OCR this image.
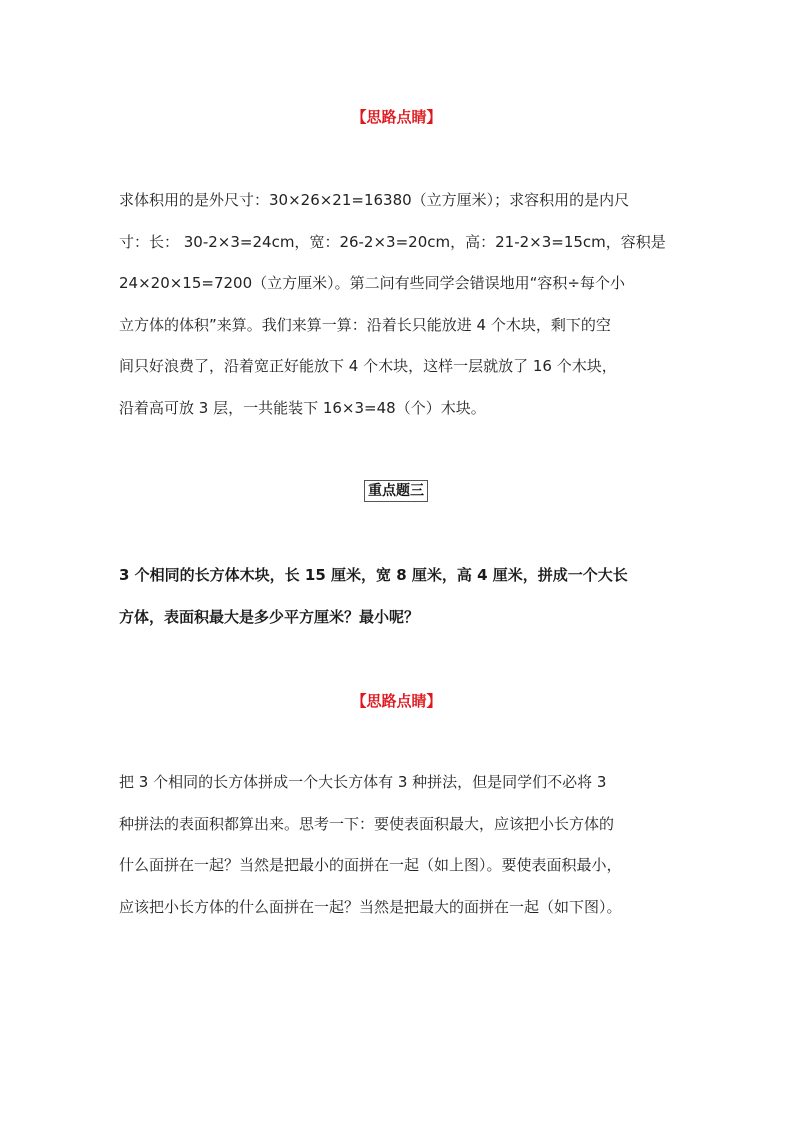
【思路点睛】
求体积用的是外尺寸：30×26×21=16380（立方厘米）；求容积用的是内尺
寸：长： 30-2×3=24cm，宽：26-2×3=20cm，高：21-2×3=15cm，容积是
24×20×15=7200（立方厘米）。第二问有些同学会错误地用“容积÷每个小
立方体的体积”来算。我们来算一算：沿着长只能放进 4 个木块，剩下的空
间只好浪费了，沿着宽正好能放下 4 个木块，这样一层就放了 16 个木块，
沿着高可放 3 层，一共能装下 16×3=48（个）木块。
重点题三
3 个相同的长方体木块，长 15 厘米，宽 8 厘米，高 4 厘米，拼成一个大长
方体，表面积最大是多少平方厘米？最小呢？
【思路点睛】
把 3 个相同的长方体拼成一个大长方体有 3 种拼法，但是同学们不必将 3
种拼法的表面积都算出来。思考一下：要使表面积最大，应该把小长方体的
什么面拼在一起？当然是把最小的面拼在一起（如上图）。要使表面积最小，
应该把小长方体的什么面拼在一起？当然是把最大的面拼在一起（如下图）。
